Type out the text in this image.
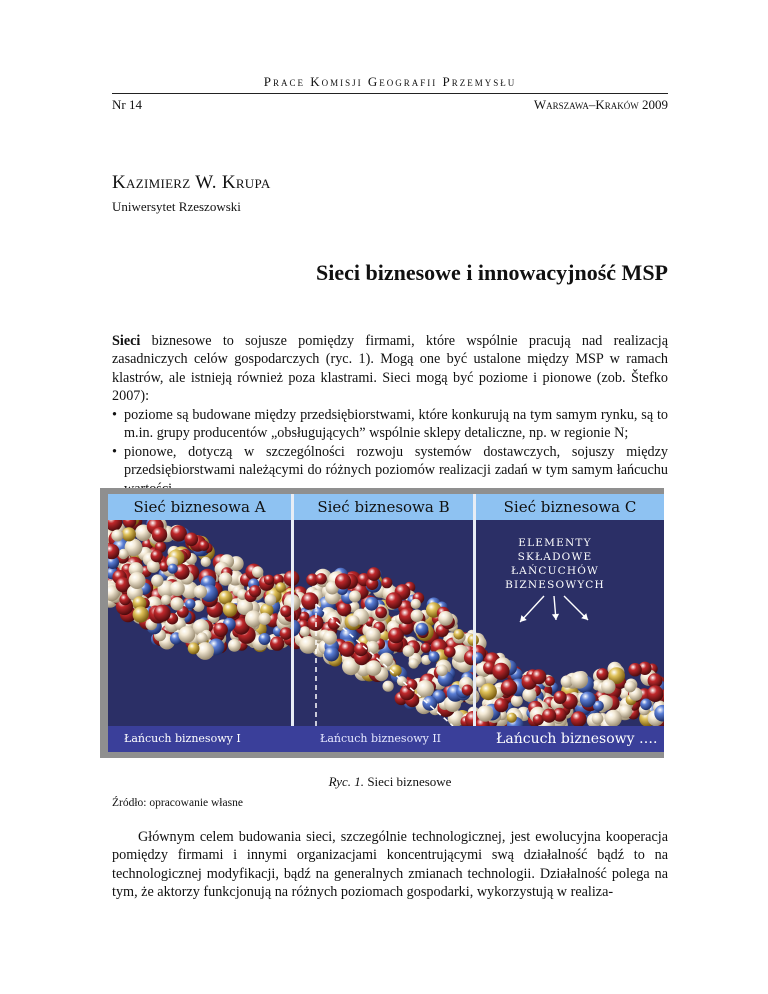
Prace Komisji Geografii Przemysłu
Nr 14	Warszawa–Kraków 2009
Kazimierz W. Krupa
Uniwersytet Rzeszowski
Sieci biznesowe i innowacyjność MSP
Sieci biznesowe to sojusze pomiędzy firmami, które wspólnie pracują nad realizacją zasadniczych celów gospodarczych (ryc. 1). Mogą one być ustalone między MSP w ramach klastrów, ale istnieją również poza klastrami. Sieci mogą być poziome i pionowe (zob. Štefko 2007):
• poziome są budowane między przedsiębiorstwami, które konkurują na tym samym rynku, są to m.in. grupy producentów „obsługujących” wspólnie sklepy detaliczne, np. w regionie N;
• pionowe, dotyczą w szczególności rozwoju systemów dostawczych, sojuszy między przedsiębiorstwami należącymi do różnych poziomów realizacji zadań w tym samym łańcuchu
Sieć biznesowa A	Sieć biznesowa B	Sieć biznesowa C
ELEMENTY
SKŁADOWE
ŁAŃCUCHÓW
BIZNESOWYCH
Łańcuch biznesowy I	Łańcuch biznesowy II	Łańcuch biznesowy ….
Ryc. 1. Sieci biznesowe
Źródło: opracowanie własne
Głównym celem budowania sieci, szczególnie technologicznej, jest ewolucyjna kooperacja pomiędzy firmami i innymi organizacjami koncentrującymi swą działalność bądź to na technologicznej modyfikacji, bądź na generalnych zmianach technologii. Działalność polega na tym, że aktorzy funkcjonują na różnych poziomach gospodarki, wykorzystują w realiza-
